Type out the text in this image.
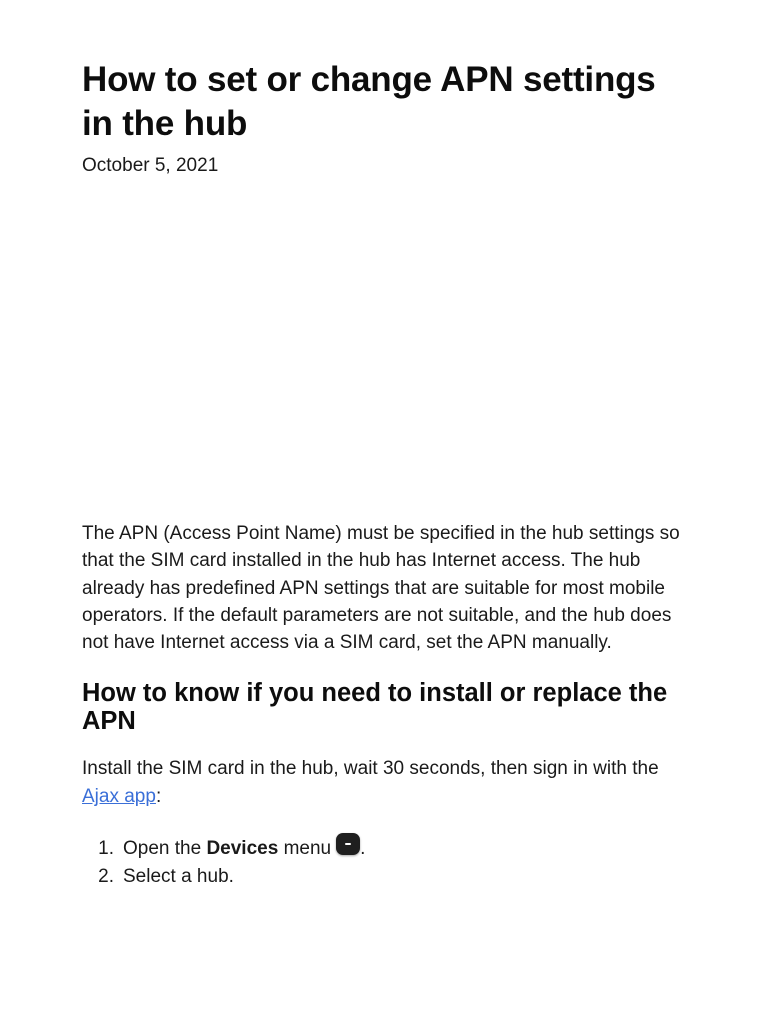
How to set or change APN settings in the hub
October 5, 2021

The APN (Access Point Name) must be specified in the hub settings so that the SIM card installed in the hub has Internet access. The hub already has predefined APN settings that are suitable for most mobile operators. If the default parameters are not suitable, and the hub does not have Internet access via a SIM card, set the APN manually.

How to know if you need to install or replace the APN

Install the SIM card in the hub, wait 30 seconds, then sign in with the Ajax app:

1. Open the Devices menu .
2. Select a hub.
